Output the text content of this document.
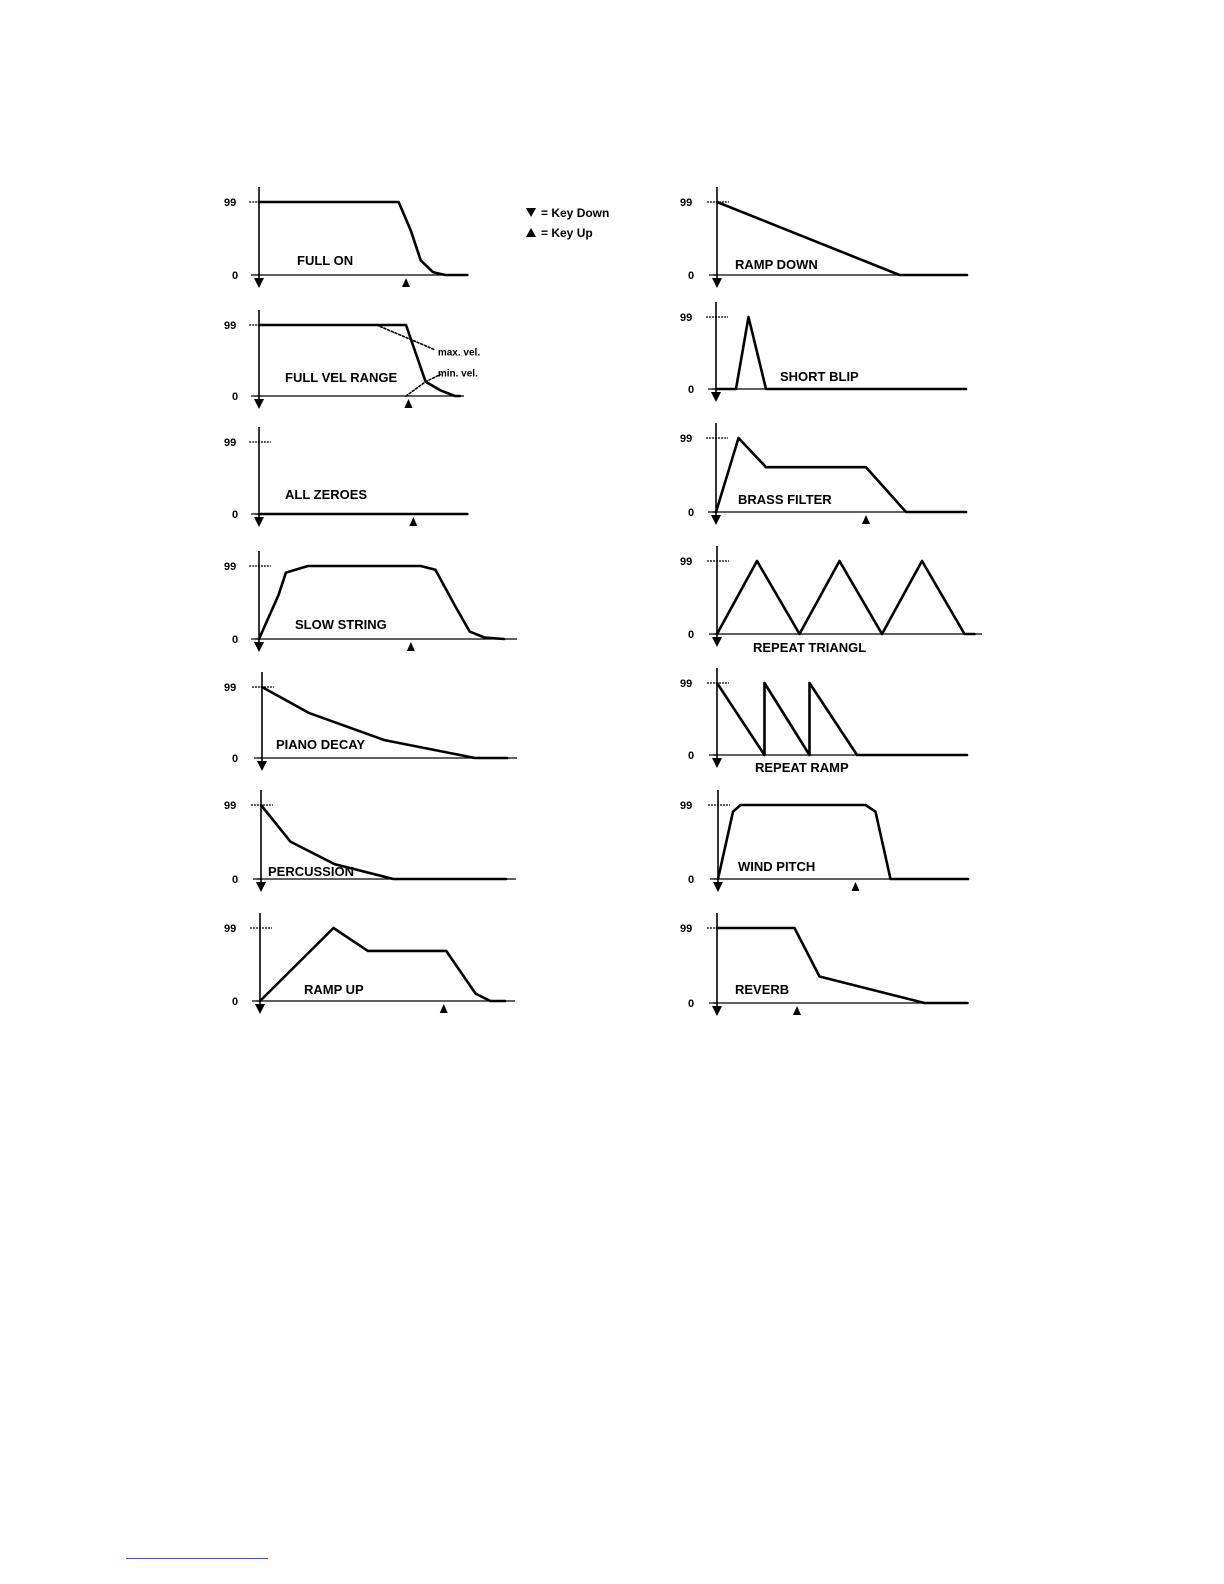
99
0
FULL ON
99
0
FULL VEL RANGE
max. vel.
min. vel.
99
0
ALL ZEROES
99
0
SLOW STRING
99
0
PIANO DECAY
99
0
PERCUSSION
99
0
RAMP UP
99
0
RAMP DOWN
99
0
SHORT BLIP
99
0
BRASS FILTER
99
0
REPEAT TRIANGL
99
0
REPEAT RAMP
99
0
WIND PITCH
99
0
REVERB
= Key Down
= Key Up
